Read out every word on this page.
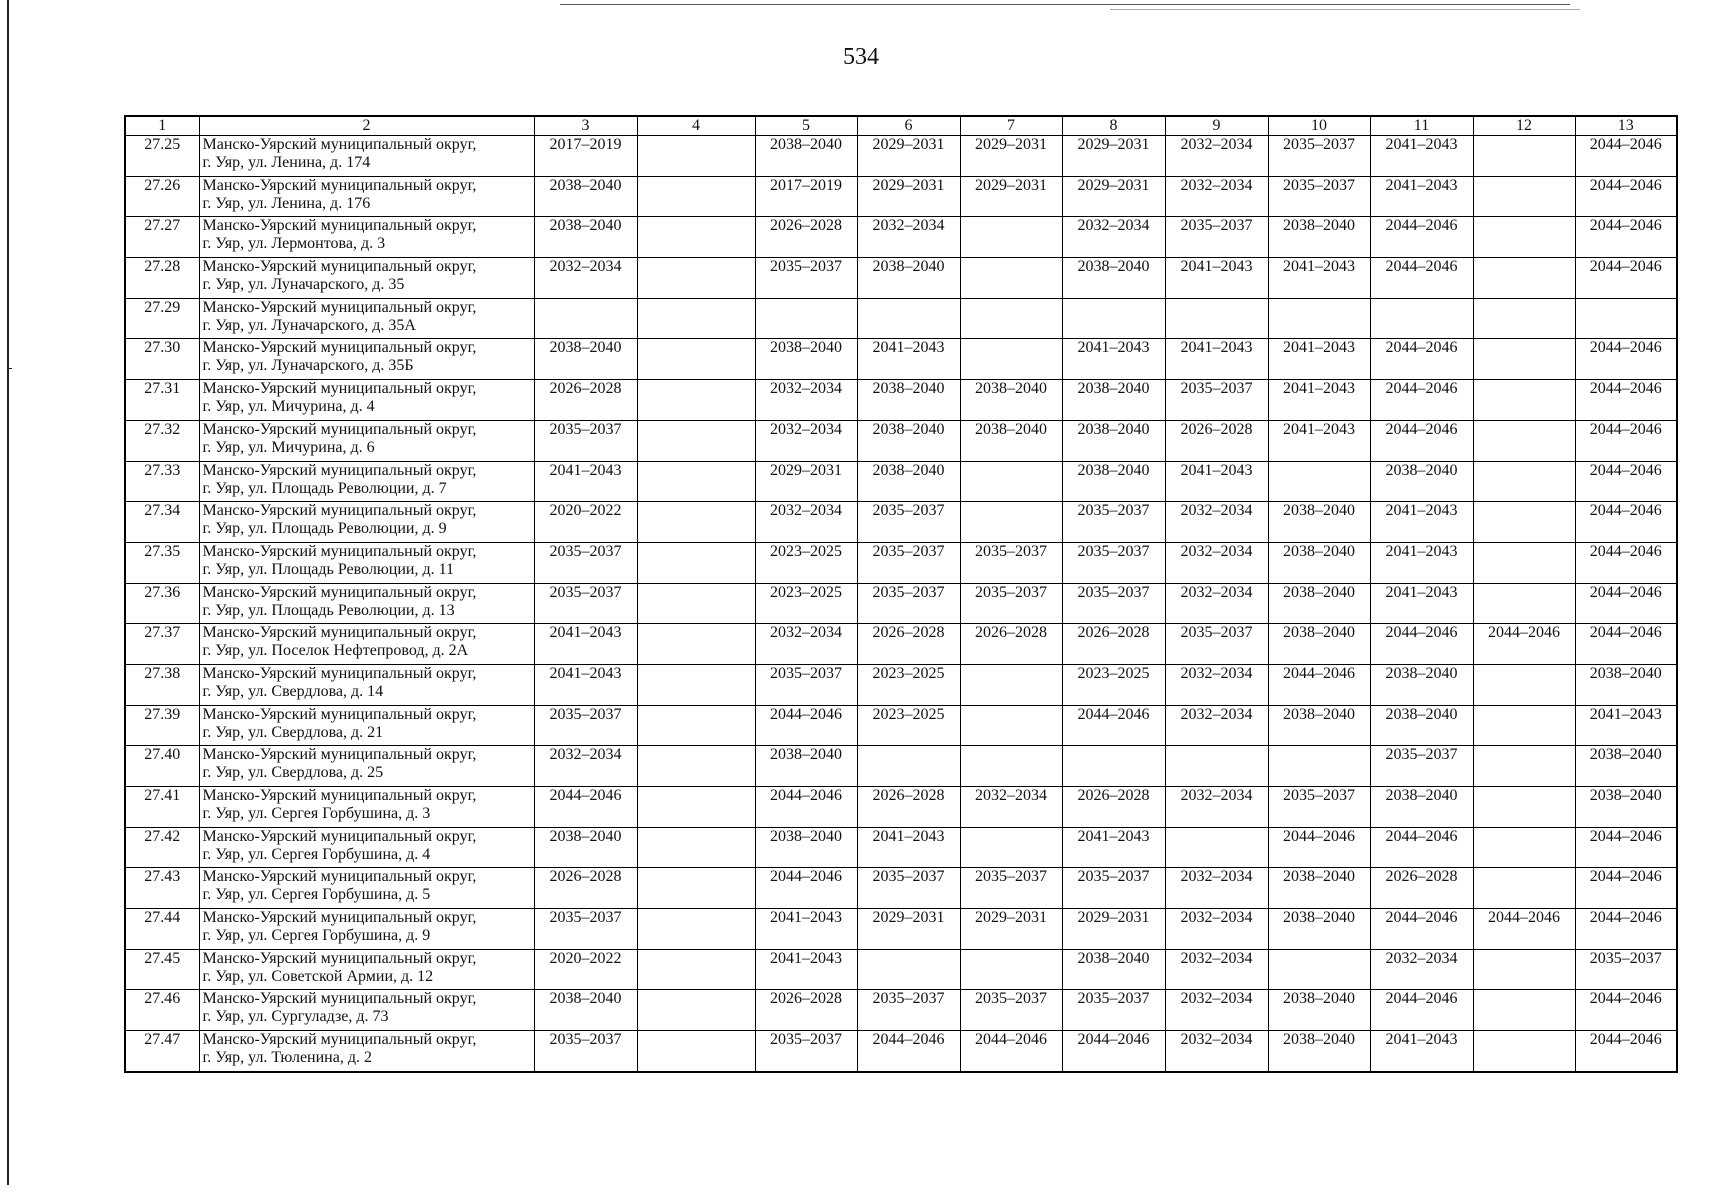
534
1	2	3	4	5	6	7	8	9	10	11	12	13
27.25	Манско-Уярский муниципальный округ,
г. Уяр, ул. Ленина, д. 174	2017–2019		2038–2040	2029–2031	2029–2031	2029–2031	2032–2034	2035–2037	2041–2043		2044–2046
27.26	Манско-Уярский муниципальный округ,
г. Уяр, ул. Ленина, д. 176	2038–2040		2017–2019	2029–2031	2029–2031	2029–2031	2032–2034	2035–2037	2041–2043		2044–2046
27.27	Манско-Уярский муниципальный округ,
г. Уяр, ул. Лермонтова, д. 3	2038–2040		2026–2028	2032–2034		2032–2034	2035–2037	2038–2040	2044–2046		2044–2046
27.28	Манско-Уярский муниципальный округ,
г. Уяр, ул. Луначарского, д. 35	2032–2034		2035–2037	2038–2040		2038–2040	2041–2043	2041–2043	2044–2046		2044–2046
27.29	Манско-Уярский муниципальный округ,
г. Уяр, ул. Луначарского, д. 35А											

27.30	Манско-Уярский муниципальный округ,
г. Уяр, ул. Луначарского, д. 35Б	2038–2040		2038–2040	2041–2043		2041–2043	2041–2043	2041–2043	2044–2046		2044–2046
27.31	Манско-Уярский муниципальный округ,
г. Уяр, ул. Мичурина, д. 4	2026–2028		2032–2034	2038–2040	2038–2040	2038–2040	2035–2037	2041–2043	2044–2046		2044–2046
27.32	Манско-Уярский муниципальный округ,
г. Уяр, ул. Мичурина, д. 6	2035–2037		2032–2034	2038–2040	2038–2040	2038–2040	2026–2028	2041–2043	2044–2046		2044–2046
27.33	Манско-Уярский муниципальный округ,
г. Уяр, ул. Площадь Революции, д. 7	2041–2043		2029–2031	2038–2040		2038–2040	2041–2043		2038–2040		2044–2046
27.34	Манско-Уярский муниципальный округ,
г. Уяр, ул. Площадь Революции, д. 9	2020–2022		2032–2034	2035–2037		2035–2037	2032–2034	2038–2040	2041–2043		2044–2046
27.35	Манско-Уярский муниципальный округ,
г. Уяр, ул. Площадь Революции, д. 11	2035–2037		2023–2025	2035–2037	2035–2037	2035–2037	2032–2034	2038–2040	2041–2043		2044–2046
27.36	Манско-Уярский муниципальный округ,
г. Уяр, ул. Площадь Революции, д. 13	2035–2037		2023–2025	2035–2037	2035–2037	2035–2037	2032–2034	2038–2040	2041–2043		2044–2046
27.37	Манско-Уярский муниципальный округ,
г. Уяр, ул. Поселок Нефтепровод, д. 2А	2041–2043		2032–2034	2026–2028	2026–2028	2026–2028	2035–2037	2038–2040	2044–2046	2044–2046	2044–2046
27.38	Манско-Уярский муниципальный округ,
г. Уяр, ул. Свердлова, д. 14	2041–2043		2035–2037	2023–2025		2023–2025	2032–2034	2044–2046	2038–2040		2038–2040
27.39	Манско-Уярский муниципальный округ,
г. Уяр, ул. Свердлова, д. 21	2035–2037		2044–2046	2023–2025		2044–2046	2032–2034	2038–2040	2038–2040		2041–2043
27.40	Манско-Уярский муниципальный округ,
г. Уяр, ул. Свердлова, д. 25	2032–2034		2038–2040						2035–2037		2038–2040
27.41	Манско-Уярский муниципальный округ,
г. Уяр, ул. Сергея Горбушина, д. 3	2044–2046		2044–2046	2026–2028	2032–2034	2026–2028	2032–2034	2035–2037	2038–2040		2038–2040
27.42	Манско-Уярский муниципальный округ,
г. Уяр, ул. Сергея Горбушина, д. 4	2038–2040		2038–2040	2041–2043		2041–2043		2044–2046	2044–2046		2044–2046
27.43	Манско-Уярский муниципальный округ,
г. Уяр, ул. Сергея Горбушина, д. 5	2026–2028		2044–2046	2035–2037	2035–2037	2035–2037	2032–2034	2038–2040	2026–2028		2044–2046
27.44	Манско-Уярский муниципальный округ,
г. Уяр, ул. Сергея Горбушина, д. 9	2035–2037		2041–2043	2029–2031	2029–2031	2029–2031	2032–2034	2038–2040	2044–2046	2044–2046	2044–2046
27.45	Манско-Уярский муниципальный округ,
г. Уяр, ул. Советской Армии, д. 12	2020–2022		2041–2043			2038–2040	2032–2034		2032–2034		2035–2037
27.46	Манско-Уярский муниципальный округ,
г. Уяр, ул. Сургуладзе, д. 73	2038–2040		2026–2028	2035–2037	2035–2037	2035–2037	2032–2034	2038–2040	2044–2046		2044–2046
27.47	Манско-Уярский муниципальный округ,
г. Уяр, ул. Тюленина, д. 2	2035–2037		2035–2037	2044–2046	2044–2046	2044–2046	2032–2034	2038–2040	2041–2043		2044–2046
